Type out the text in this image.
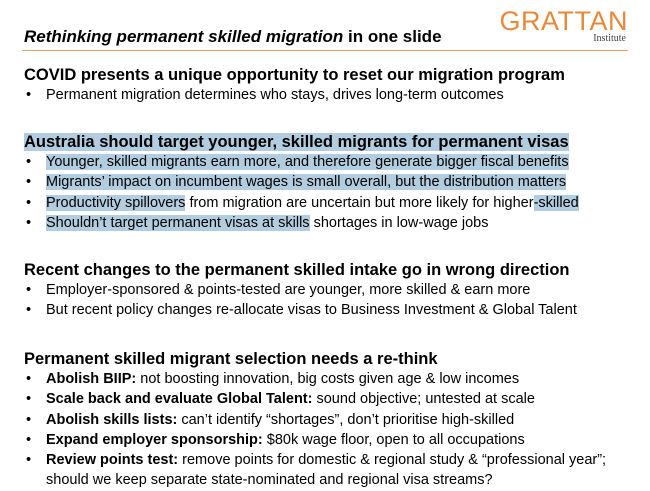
Rethinking permanent skilled migration in one slide
GRATTAN
Institute
COVID presents a unique opportunity to reset our migration program
• Permanent migration determines who stays, drives long-term outcomes
Australia should target younger, skilled migrants for permanent visas
• Younger, skilled migrants earn more, and therefore generate bigger fiscal benefits
• Migrants’ impact on incumbent wages is small overall, but the distribution matters
• Productivity spillovers from migration are uncertain but more likely for higher-skilled
• Shouldn’t target permanent visas at skills shortages in low-wage jobs
Recent changes to the permanent skilled intake go in wrong direction
• Employer-sponsored & points-tested are younger, more skilled & earn more
• But recent policy changes re-allocate visas to Business Investment & Global Talent
Permanent skilled migrant selection needs a re-think
• Abolish BIIP: not boosting innovation, big costs given age & low incomes
• Scale back and evaluate Global Talent: sound objective; untested at scale
• Abolish skills lists: can’t identify “shortages”, don’t prioritise high-skilled
• Expand employer sponsorship: $80k wage floor, open to all occupations
• Review points test: remove points for domestic & regional study & “professional year”; should we keep separate state-nominated and regional visa streams?
